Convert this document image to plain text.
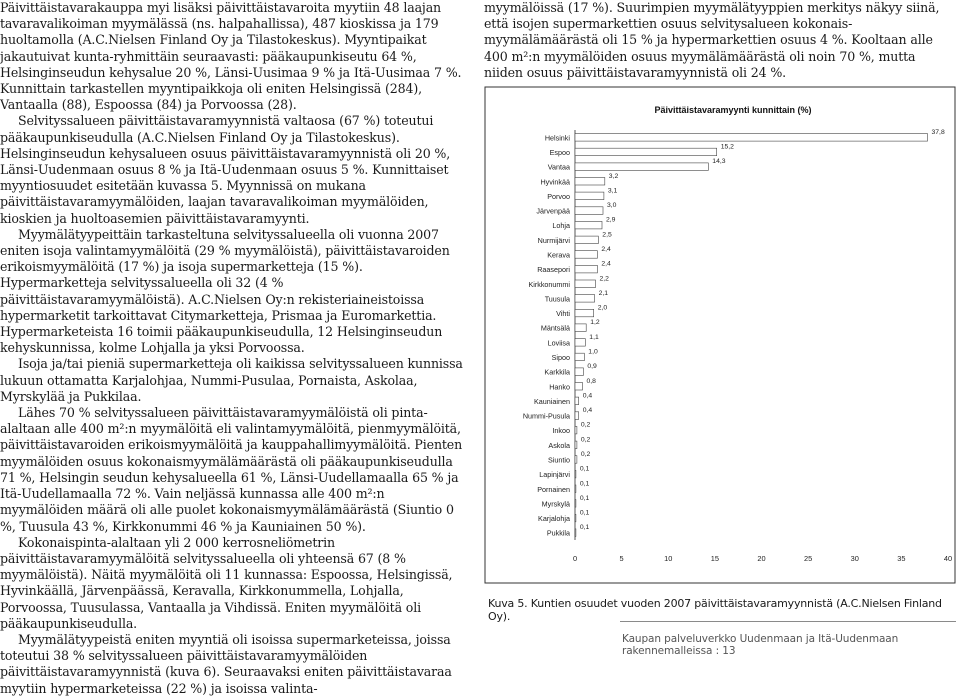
Päivittäistavarakauppa myi lisäksi päivittäistavaroita myytiin 48 laajan tavaravalikoiman myymälässä (ns. halpahallissa), 487 kioskissa ja 179 huoltamolla (A.C.Nielsen Finland Oy ja Tilastokeskus). Myyntipaikat jakautuivat kunta-ryhmittäin seuraavasti: pääkaupunkiseutu 64 %, Helsinginseudun kehysalue 20 %, Länsi-Uusimaa 9 % ja Itä-Uusimaa 7 %. Kunnittain tarkastellen myyntipaikkoja oli eniten Helsingissä (284), Vantaalla (88), Espoossa (84) ja Porvoossa (28).

Selvityssalueen päivittäistavaramyynnistä valtaosa (67 %) toteutui pääkaupunkiseudulla (A.C.Nielsen Finland Oy ja Tilastokeskus). Helsinginseudun kehysalueen osuus päivittäistavaramyynnistä oli 20 %, Länsi-Uudenmaan osuus 8 % ja Itä-Uudenmaan osuus 5 %. Kunnittaiset myyntiosuudet esitetään kuvassa 5. Myynnissä on mukana päivittäistavaramyymälöiden, laajan tavaravalikoiman myymälöiden, kioskien ja huoltoasemien päivittäistavaramyynti.

Myymälätyypeittäin tarkasteltuna selvityssalueella oli vuonna 2007 eniten isoja valintamyymälöitä (29 % myymälöistä), päivittäistavaroiden erikoismyymälöitä (17 %) ja isoja supermarketteja (15 %). Hypermarketteja selvityssalueella oli 32 (4 % päivittäistavaramyymälöistä). A.C.Nielsen Oy:n rekisteriaineistoissa hypermarketit tarkoittavat Citymarketteja, Prismaa ja Euromarkettia. Hypermarketeista 16 toimii pääkaupunkiseudulla, 12 Helsinginseudun kehyskunnissa, kolme Lohjalla ja yksi Porvoossa.

Isoja ja/tai pieniä supermarketteja oli kaikissa selvityssalueen kunnissa lukuun ottamatta Karjalohjaa, Nummi-Pusulaa, Pornaista, Askolaa, Myrskylää ja Pukkilaa.

Lähes 70 % selvityssalueen päivittäistavaramyymälöistä oli pinta-alaltaan alle 400 m²:n myymälöitä eli valintamyymälöitä, pienmyymälöitä, päivittäistavaroiden erikoismyymälöitä ja kauppahallimyymälöitä. Pienten myymälöiden osuus kokonaismyymälämäärästä oli pääkaupunkiseudulla 71 %, Helsingin seudun kehysalueella 61 %, Länsi-Uudellamaalla 65 % ja Itä-Uudellamaalla 72 %. Vain neljässä kunnassa alle 400 m²:n myymälöiden määrä oli alle puolet kokonaismyymälämäärästä (Siuntio 0 %, Tuusula 43 %, Kirkkonummi 46 % ja Kauniainen 50 %).

Kokonaispinta-alaltaan yli 2 000 kerrosneliömetrin päivittäistavaramyymälöitä selvityssalueella oli yhteensä 67 (8 % myymälöistä). Näitä myymälöitä oli 11 kunnassa: Espoossa, Helsingissä, Hyvinkäällä, Järvenpäässä, Keravalla, Kirkkonummella, Lohjalla, Porvoossa, Tuusulassa, Vantaalla ja Vihdissä. Eniten myymälöitä oli pääkaupunkiseudulla.

Myymälätyypeistä eniten myyntiä oli isoissa supermarketeissa, joissa toteutui 38 % selvityssalueen päivittäistavaramyymälöiden päivittäistavaramyynnistä (kuva 6). Seuraavaksi eniten päivittäistavaraa myytiin hypermarketeissa (22 %) ja isoissa valinta-

myymälöissä (17 %). Suurimpien myymälätyyppien merkitys näkyy siinä, että isojen supermarkettien osuus selvitysalueen kokonais-myymälämäärästä oli 15 % ja hypermarkettien osuus 4 %. Kooltaan alle 400 m²:n myymälöiden osuus myymälämäärästä oli noin 70 %, mutta niiden osuus päivittäistavaramyynnistä oli 24 %.

Päivittäistavaramyynti kunnittain (%)
Helsinki
37,8
Espoo
15,2
Vantaa
14,3
Hyvinkää
3,2
Porvoo
3,1
Järvenpää
3,0
Lohja
2,9
Nurmijärvi
2,5
Kerava
2,4
Raasepori
2,4
Kirkkonummi
2,2
Tuusula
2,1
Vihti
2,0
Mäntsälä
1,2
Loviisa
1,1
Sipoo
1,0
Karkkila
0,9
Hanko
0,8
Kauniainen
0,4
Nummi-Pusula
0,4
Inkoo
0,2
Askola
0,2
Siuntio
0,2
Lapinjärvi
0,1
Pornainen
0,1
Myrskylä
0,1
Karjalohja
0,1
Pukkila
0,1
0	5	10	15	20	25	30	35	40
Kuva 5. Kuntien osuudet vuoden 2007 päivittäistavaramyynnistä (A.C.Nielsen Finland Oy).
Kaupan palveluverkko Uudenmaan ja Itä-Uudenmaan rakennemalleissa : 13
